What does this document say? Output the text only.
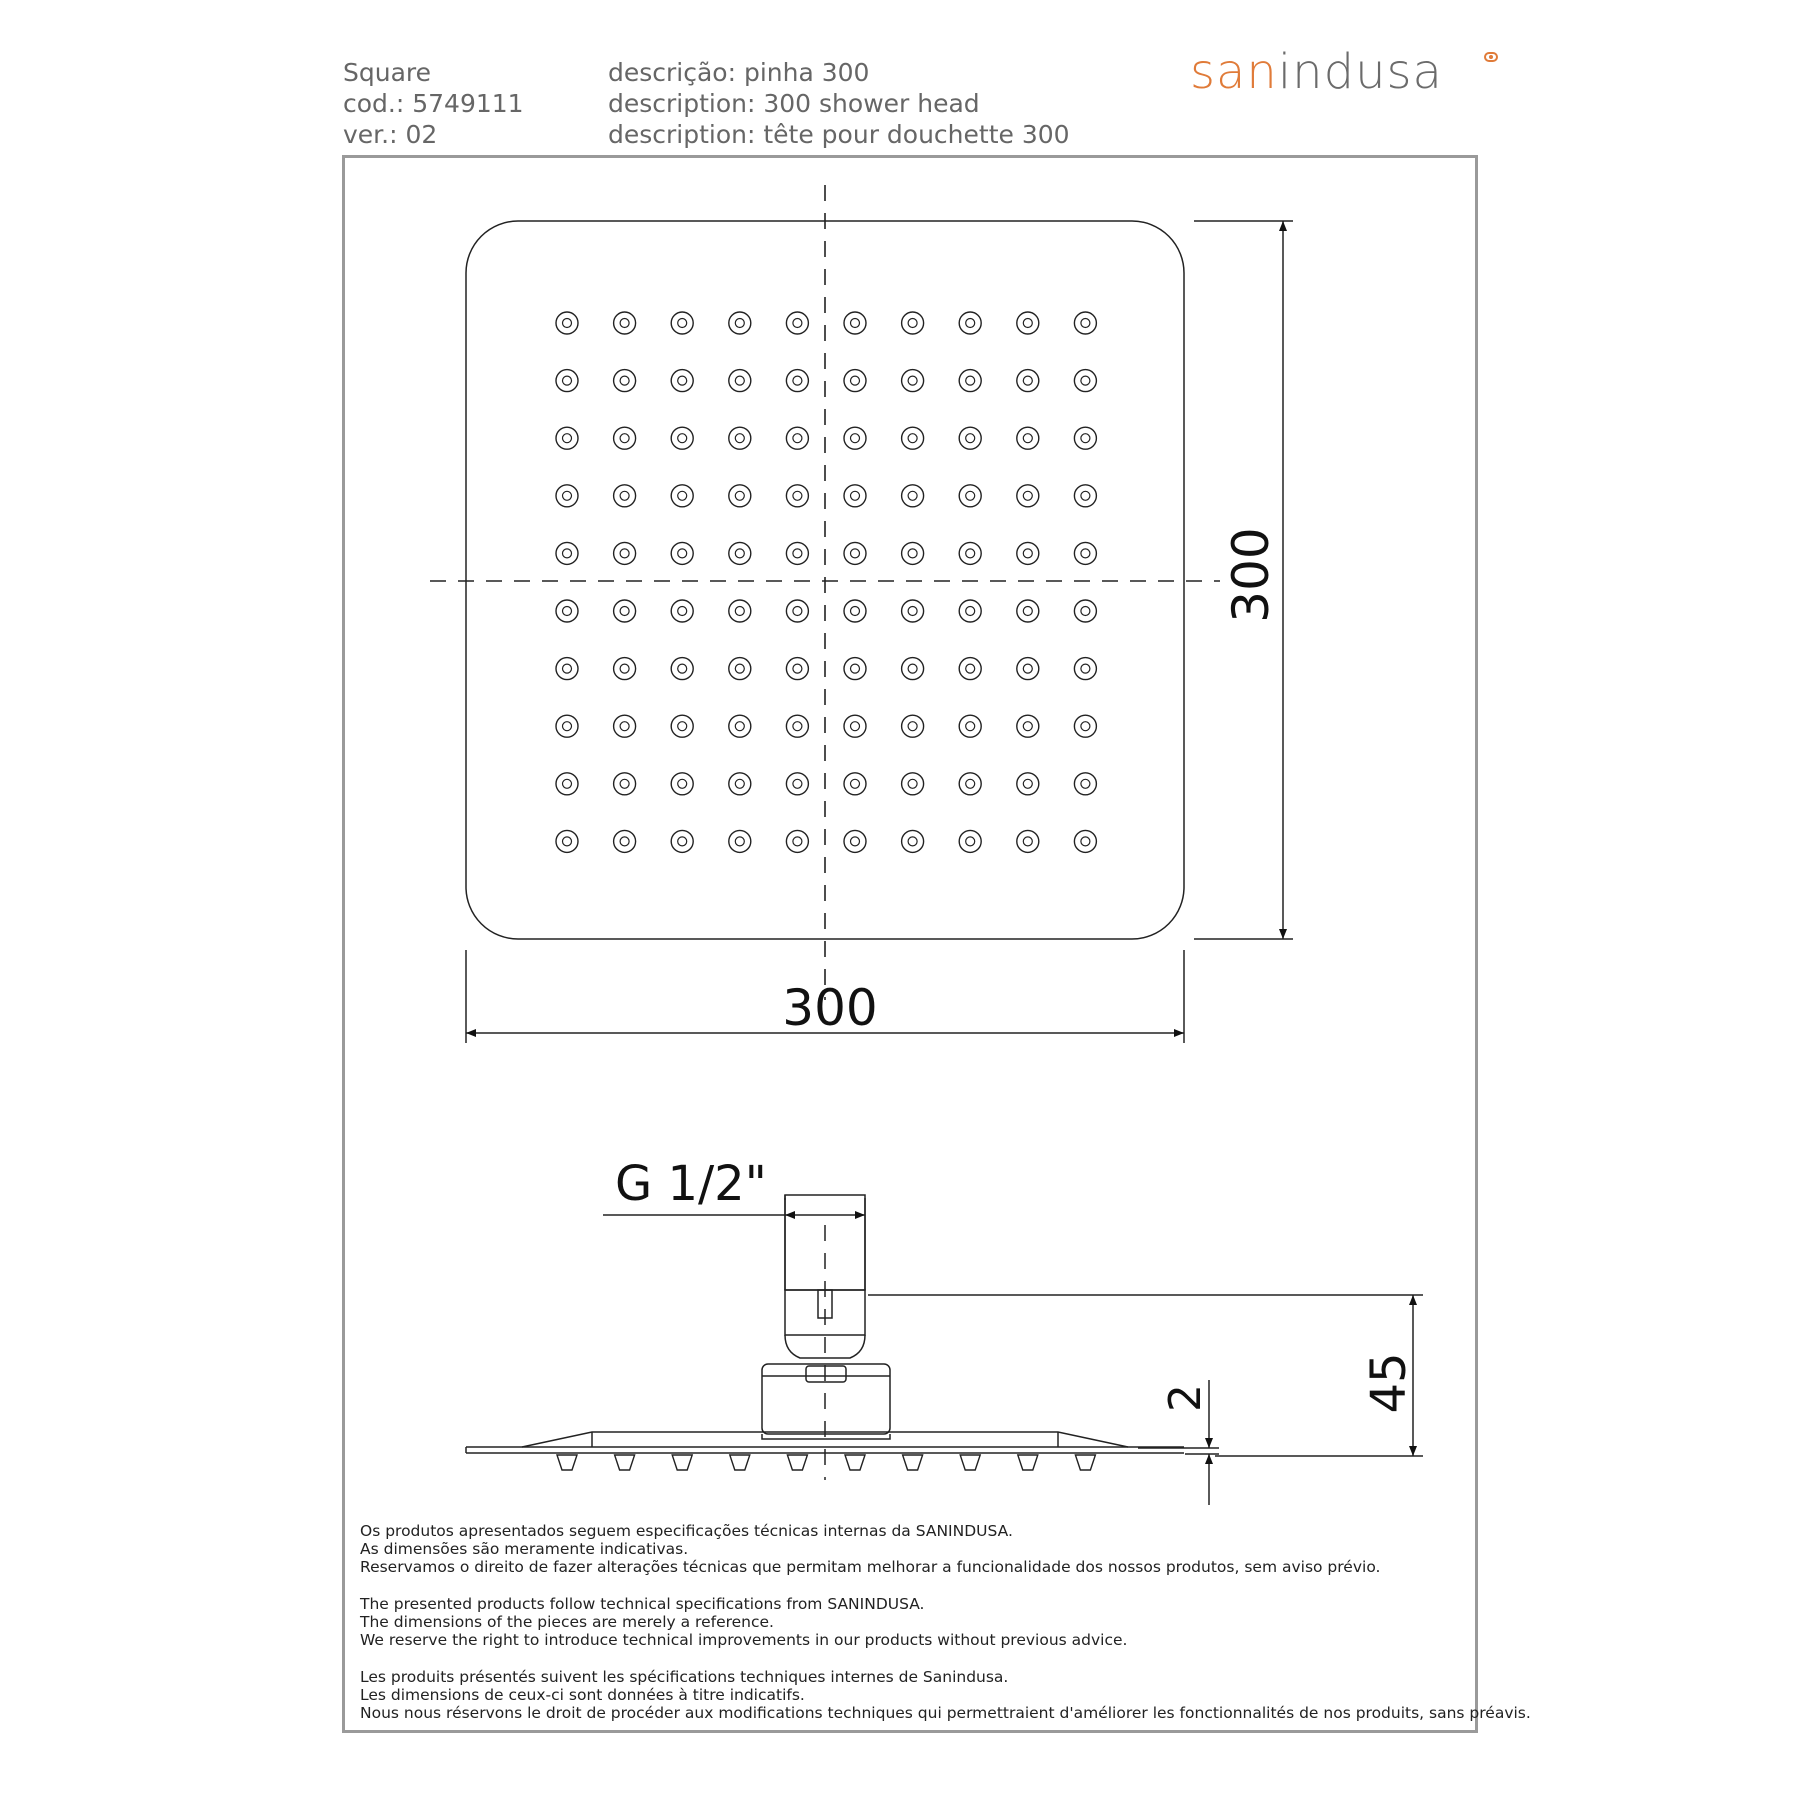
Square
cod.: 5749111
ver.: 02
descrição: pinha 300
description: 300 shower head
description: tête pour douchette 300
sanindusa
300
300
G 1/2"
45
2
Os produtos apresentados seguem especificações técnicas internas da SANINDUSA.
As dimensões são meramente indicativas.
Reservamos o direito de fazer alterações técnicas que permitam melhorar a funcionalidade dos nossos produtos, sem aviso prévio.
The presented products follow technical specifications from SANINDUSA.
The dimensions of the pieces are merely a reference.
We reserve the right to introduce technical improvements in our products without previous advice.
Les produits présentés suivent les spécifications techniques internes de Sanindusa.
Les dimensions de ceux-ci sont données à titre indicatifs.
Nous nous réservons le droit de procéder aux modifications techniques qui permettraient d'améliorer les fonctionnalités de nos produits, sans préavis.
